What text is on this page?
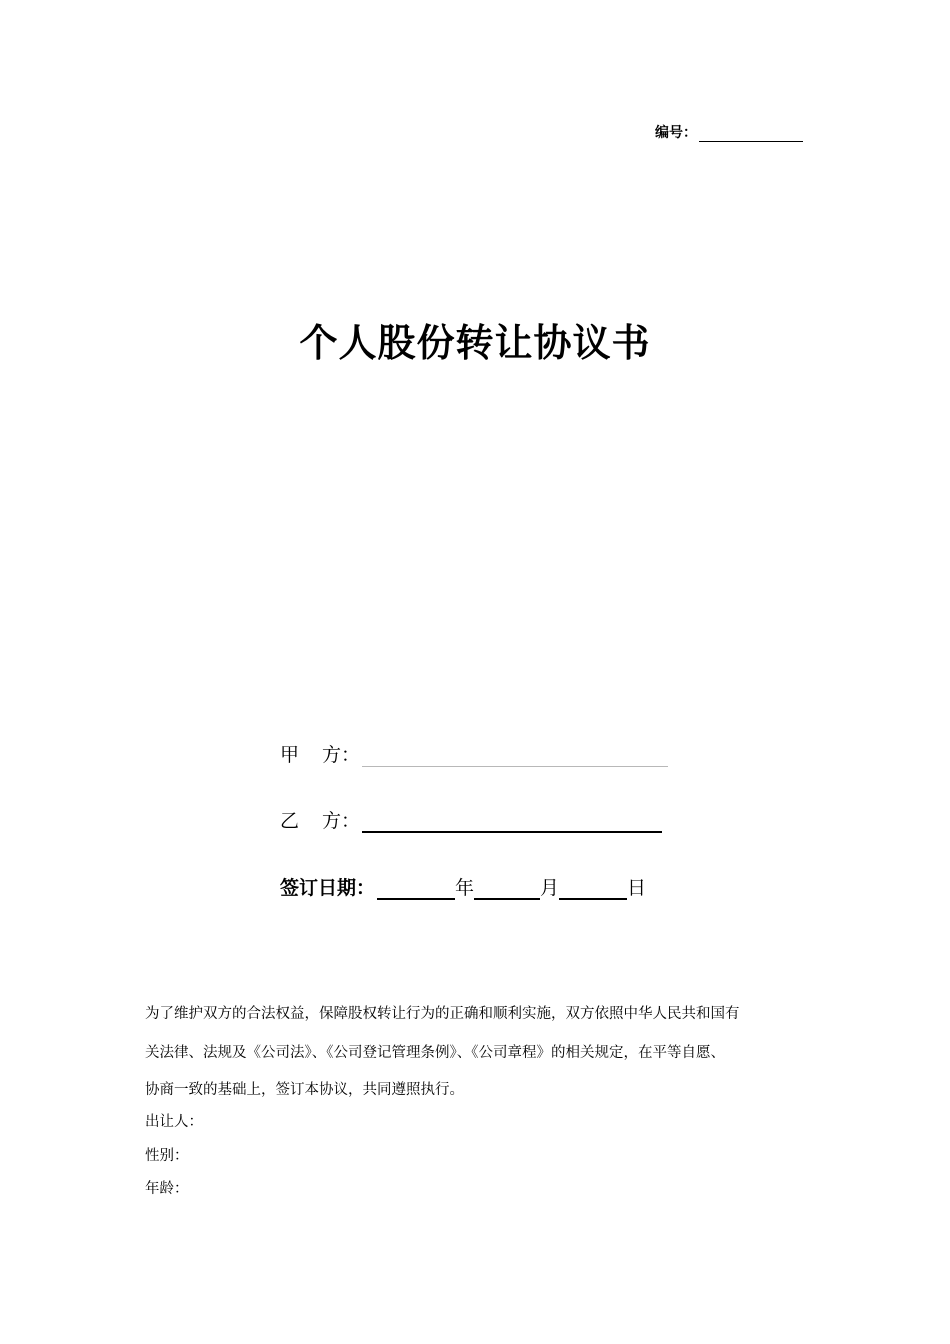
编号：
个人股份转让协议书
甲 方：
乙 方：
签订日期：	年	月	日
为了维护双方的合法权益，保障股权转让行为的正确和顺利实施，双方依照中华人民共和国有
关法律、法规及《公司法》、《公司登记管理条例》、《公司章程》的相关规定，在平等自愿、
协商一致的基础上，签订本协议，共同遵照执行。
出让人：
性别：
年龄：
